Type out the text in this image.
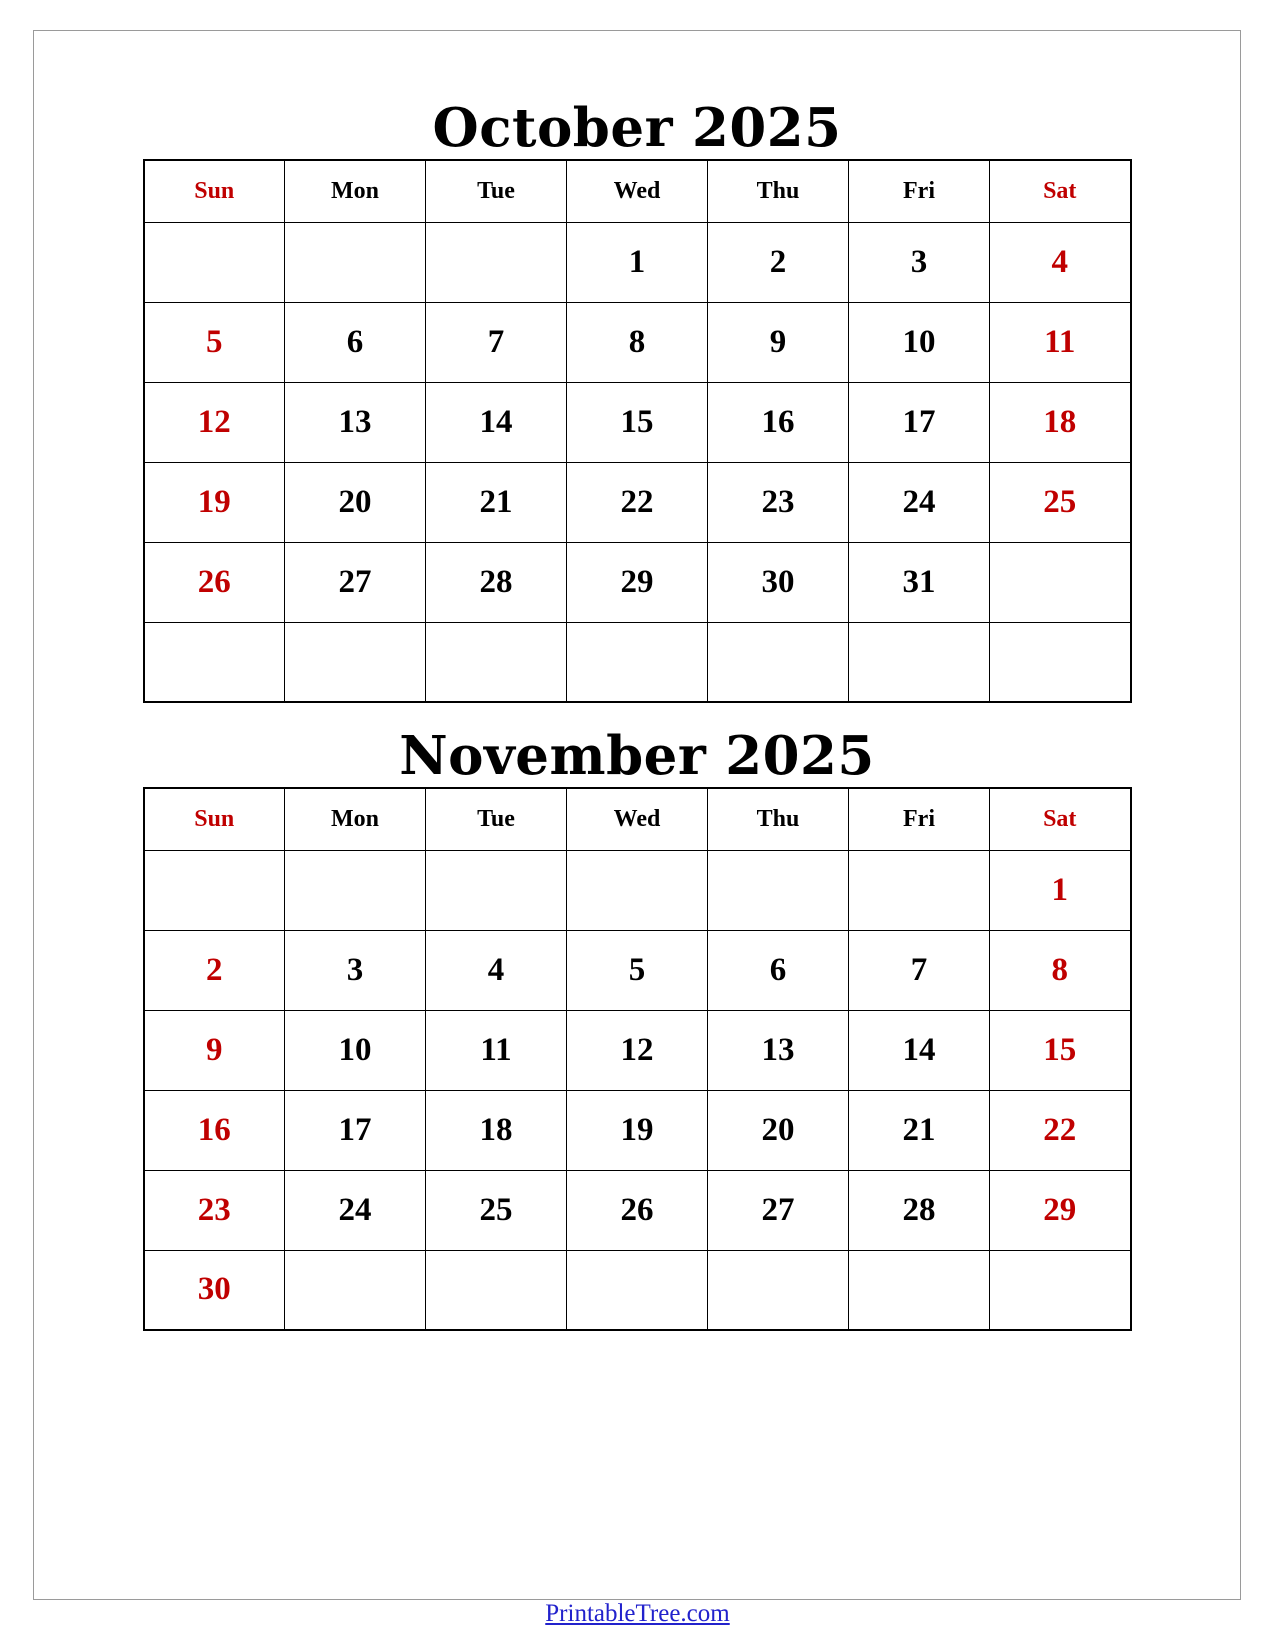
October 2025
Sun	Mon	Tue	Wed	Thu	Fri	Sat
			1	2	3	4
5	6	7	8	9	10	11
12	13	14	15	16	17	18
19	20	21	22	23	24	25
26	27	28	29	30	31	

November 2025
Sun	Mon	Tue	Wed	Thu	Fri	Sat
						1
2	3	4	5	6	7	8
9	10	11	12	13	14	15
16	17	18	19	20	21	22
23	24	25	26	27	28	29
30						
PrintableTree.com
